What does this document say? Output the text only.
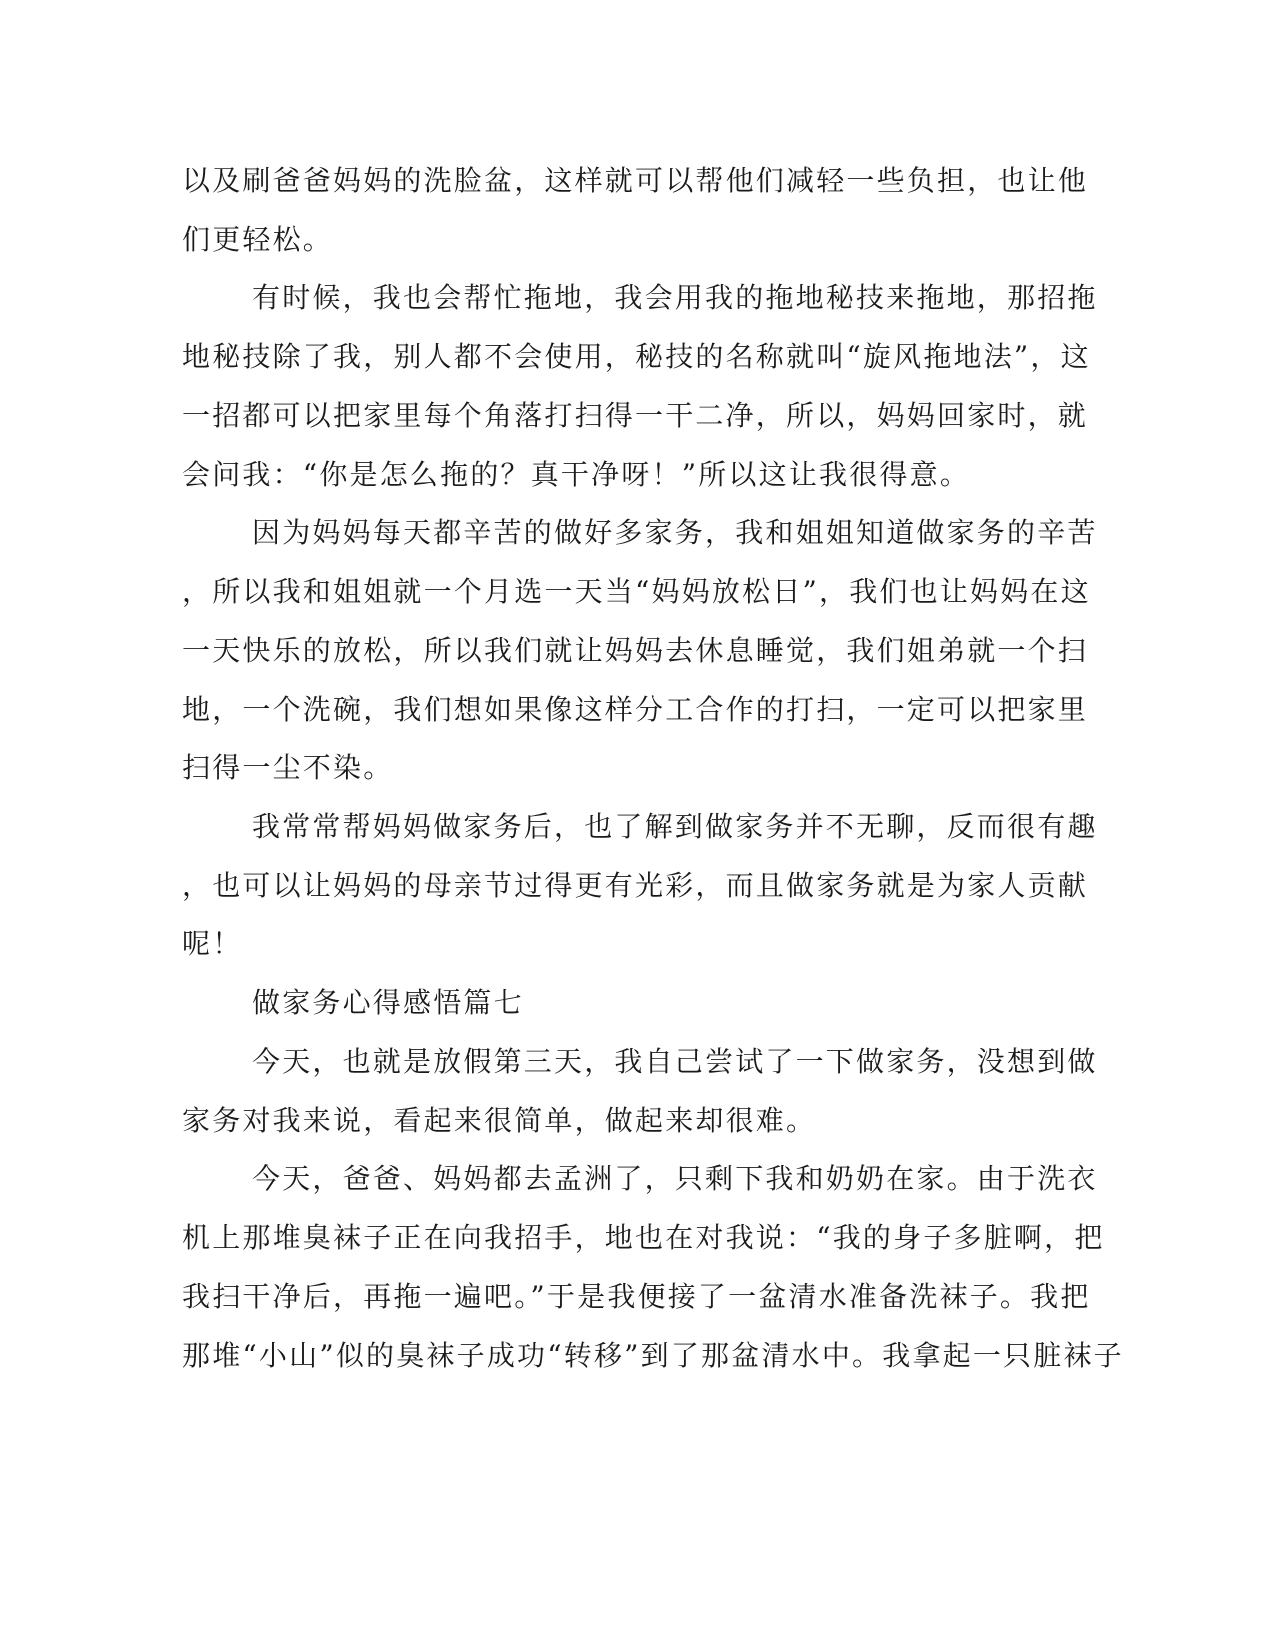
以及刷爸爸妈妈的洗脸盆，这样就可以帮他们减轻一些负担，也让他

们更轻松。

有时候，我也会帮忙拖地，我会用我的拖地秘技来拖地，那招拖

地秘技除了我，别人都不会使用，秘技的名称就叫“旋风拖地法”，这

一招都可以把家里每个角落打扫得一干二净，所以，妈妈回家时，就

会问我：“你是怎么拖的？真干净呀！”所以这让我很得意。

因为妈妈每天都辛苦的做好多家务，我和姐姐知道做家务的辛苦

，所以我和姐姐就一个月选一天当“妈妈放松日”，我们也让妈妈在这

一天快乐的放松，所以我们就让妈妈去休息睡觉，我们姐弟就一个扫

地，一个洗碗，我们想如果像这样分工合作的打扫，一定可以把家里

扫得一尘不染。

我常常帮妈妈做家务后，也了解到做家务并不无聊，反而很有趣

，也可以让妈妈的母亲节过得更有光彩，而且做家务就是为家人贡献

呢！

做家务心得感悟篇七

今天，也就是放假第三天，我自己尝试了一下做家务，没想到做

家务对我来说，看起来很简单，做起来却很难。

今天，爸爸、妈妈都去孟洲了，只剩下我和奶奶在家。由于洗衣

机上那堆臭袜子正在向我招手，地也在对我说：“我的身子多脏啊，把

我扫干净后，再拖一遍吧。”于是我便接了一盆清水准备洗袜子。我把

那堆“小山”似的臭袜子成功“转移”到了那盆清水中。我拿起一只脏袜子
